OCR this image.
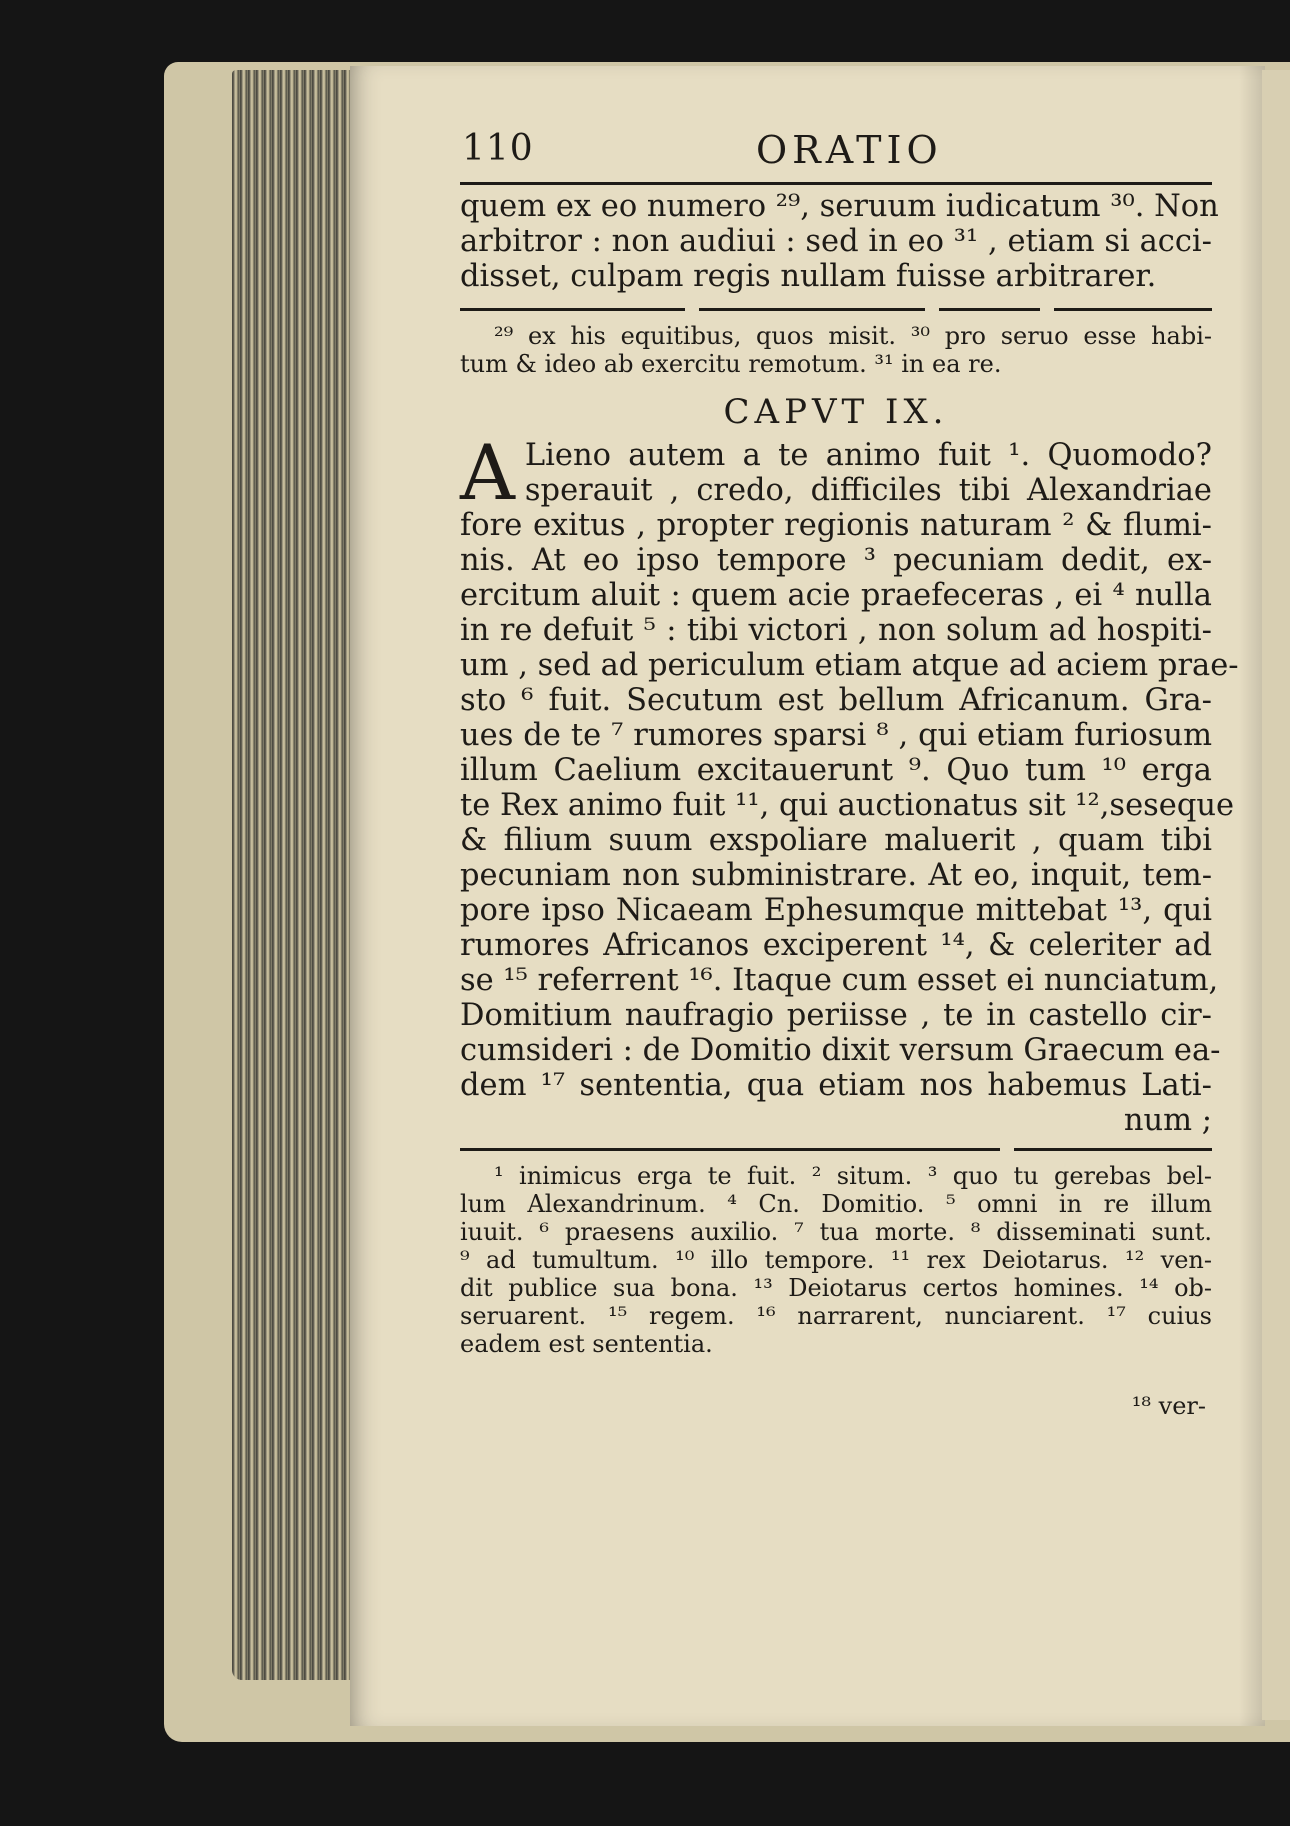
110	ORATIO
quem ex eo numero ²⁹, seruum iudicatum ³⁰. Non
arbitror : non audiui : sed in eo ³¹ , etiam si acci-
disset, culpam regis nullam fuisse arbitrarer.
²⁹ ex his equitibus, quos misit. ³⁰ pro seruo esse habi-
tum & ideo ab exercitu remotum. ³¹ in ea re.
CAPVT IX.
A Lieno autem a te animo fuit ¹. Quomodo?
sperauit , credo, difficiles tibi Alexandriae
fore exitus , propter regionis naturam ² & flumi-
nis. At eo ipso tempore ³ pecuniam dedit, ex-
ercitum aluit : quem acie praefeceras , ei ⁴ nulla
in re defuit ⁵ : tibi victori , non solum ad hospiti-
um , sed ad periculum etiam atque ad aciem prae-
sto ⁶ fuit. Secutum est bellum Africanum. Gra-
ues de te ⁷ rumores sparsi ⁸ , qui etiam furiosum
illum Caelium excitauerunt ⁹. Quo tum ¹⁰ erga
te Rex animo fuit ¹¹, qui auctionatus sit ¹²,seseque
& filium suum exspoliare maluerit , quam tibi
pecuniam non subministrare. At eo, inquit, tem-
pore ipso Nicaeam Ephesumque mittebat ¹³, qui
rumores Africanos exciperent ¹⁴, & celeriter ad
se ¹⁵ referrent ¹⁶. Itaque cum esset ei nunciatum,
Domitium naufragio periisse , te in castello cir-
cumsideri : de Domitio dixit versum Graecum ea-
dem ¹⁷ sententia, qua etiam nos habemus Lati-
num ;
¹ inimicus erga te fuit. ² situm. ³ quo tu gerebas bel-
lum Alexandrinum. ⁴ Cn. Domitio. ⁵ omni in re illum
iuuit. ⁶ praesens auxilio. ⁷ tua morte. ⁸ disseminati sunt.
⁹ ad tumultum. ¹⁰ illo tempore. ¹¹ rex Deiotarus. ¹² ven-
dit publice sua bona. ¹³ Deiotarus certos homines. ¹⁴ ob-
seruarent. ¹⁵ regem. ¹⁶ narrarent, nunciarent. ¹⁷ cuius
eadem est sententia.
¹⁸ ver-
